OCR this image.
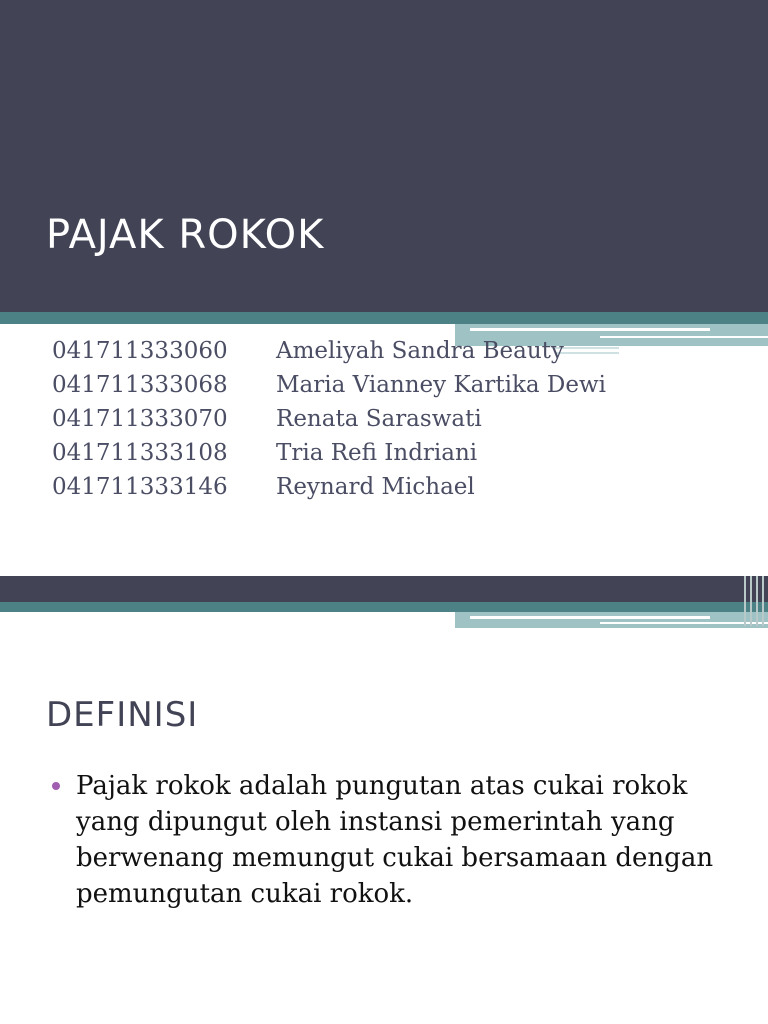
PAJAK ROKOK
041711333060	Ameliyah Sandra Beauty
041711333068	Maria Vianney Kartika Dewi
041711333070	Renata Saraswati
041711333108	Tria Refi Indriani
041711333146	Reynard Michael
DEFINISI
Pajak rokok adalah pungutan atas cukai rokok
yang dipungut oleh instansi pemerintah yang
berwenang memungut cukai bersamaan dengan
pemungutan cukai rokok.
